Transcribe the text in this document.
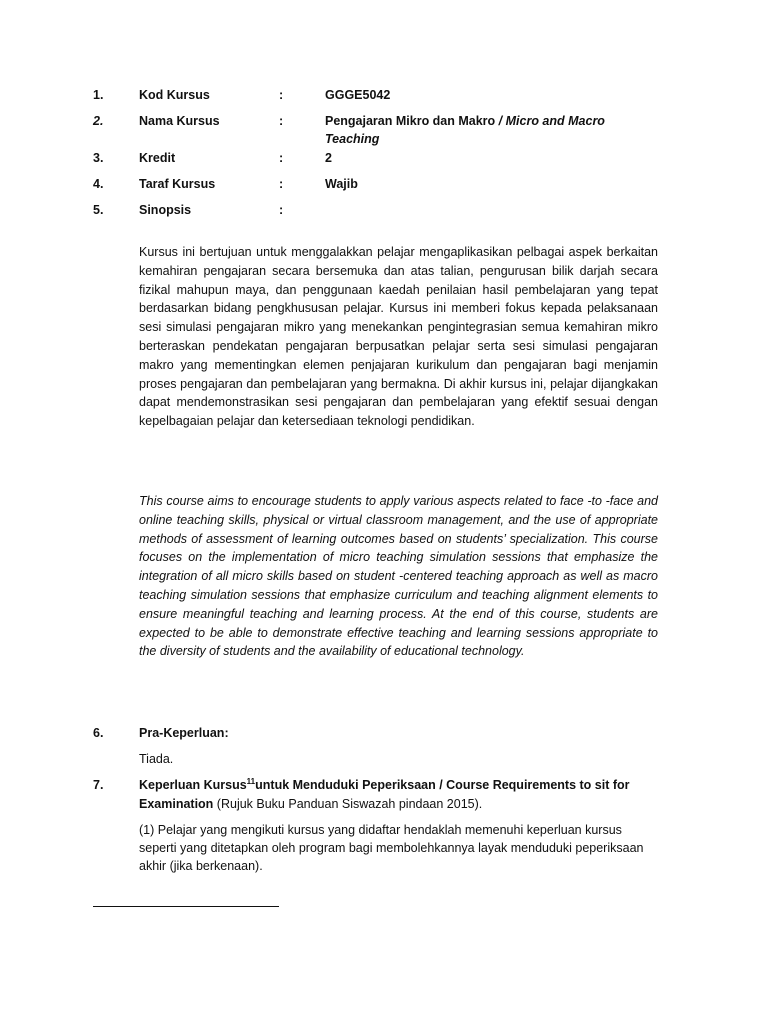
1.	Kod Kursus	:	GGGE5042
2.	Nama Kursus	:	Pengajaran Mikro dan Makro / Micro and Macro Teaching
3.	Kredit	:	2
4.	Taraf Kursus	:	Wajib
5.	Sinopsis	:

Kursus ini bertujuan untuk menggalakkan pelajar mengaplikasikan pelbagai aspek berkaitan kemahiran pengajaran secara bersemuka dan atas talian, pengurusan bilik darjah secara fizikal mahupun maya, dan penggunaan kaedah penilaian hasil pembelajaran yang tepat berdasarkan bidang pengkhususan pelajar. Kursus ini memberi fokus kepada pelaksanaan sesi simulasi pengajaran mikro yang menekankan pengintegrasian semua kemahiran mikro berteraskan pendekatan pengajaran berpusatkan pelajar serta sesi simulasi pengajaran makro yang mementingkan elemen penjajaran kurikulum dan pengajaran bagi menjamin proses pengajaran dan pembelajaran yang bermakna. Di akhir kursus ini, pelajar dijangkakan dapat mendemonstrasikan sesi pengajaran dan pembelajaran yang efektif sesuai dengan kepelbagaian pelajar dan ketersediaan teknologi pendidikan.

This course aims to encourage students to apply various aspects related to face -to -face and online teaching skills, physical or virtual classroom management, and the use of appropriate methods of assessment of learning outcomes based on students’ specialization. This course focuses on the implementation of micro teaching simulation sessions that emphasize the integration of all micro skills based on student -centered teaching approach as well as macro teaching simulation sessions that emphasize curriculum and teaching alignment elements to ensure meaningful teaching and learning process. At the end of this course, students are expected to be able to demonstrate effective teaching and learning sessions appropriate to the diversity of students and the availability of educational technology.

6.	Pra-Keperluan:
Tiada.
7.	Keperluan Kursus$^{11}$untuk Menduduki Peperiksaan / Course Requirements to sit for Examination (Rujuk Buku Panduan Siswazah pindaan 2015).
(1) Pelajar yang mengikuti kursus yang didaftar hendaklah memenuhi keperluan kursus seperti yang ditetapkan oleh program bagi membolehkannya layak menduduki peperiksaan akhir (jika berkenaan).
